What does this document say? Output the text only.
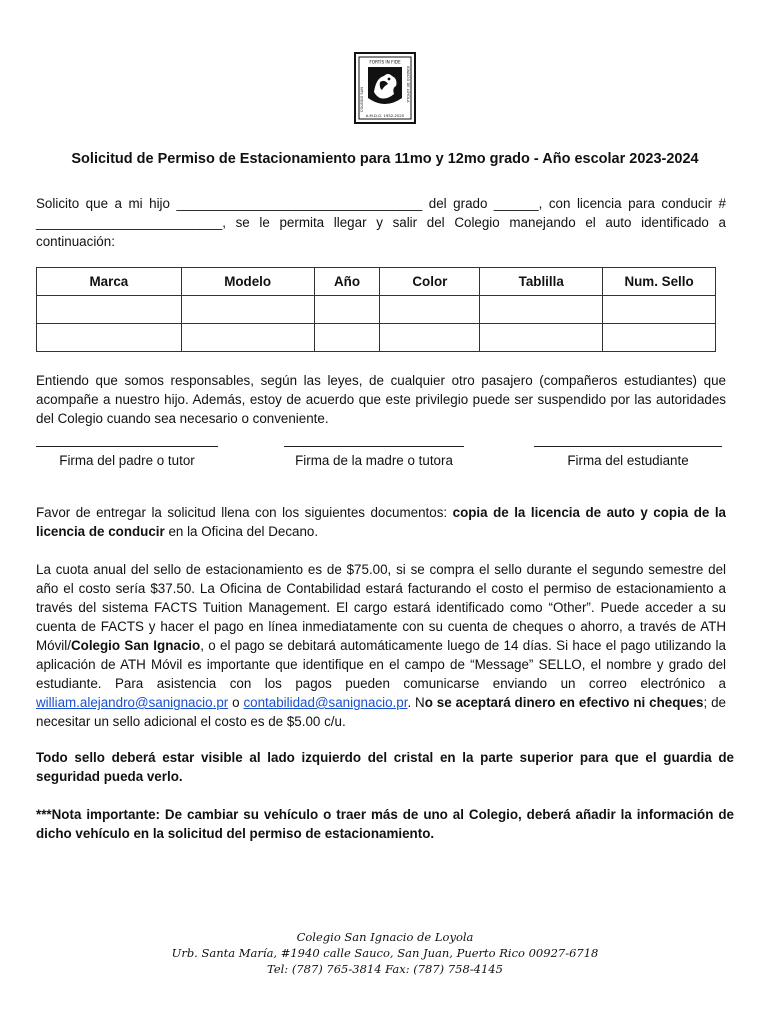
FORTIS IN FIDE
A.M.D.G. 1952-2025
COLEGIO SAN	IGNACIO DE LOYOLA
Solicitud de Permiso de Estacionamiento para 11mo y 12mo grado - Año escolar 2023-2024
Solicito que a mi hijo _________________________________ del grado ______, con licencia para conducir # _________________________, se le permita llegar y salir del Colegio manejando el auto identificado a continuación:
Marca	Modelo	Año	Color	Tablilla	Num. Sello

Entiendo que somos responsables, según las leyes, de cualquier otro pasajero (compañeros estudiantes) que acompañe a nuestro hijo. Además, estoy de acuerdo que este privilegio puede ser suspendido por las autoridades del Colegio cuando sea necesario o conveniente.
Firma del padre o tutor	Firma de la madre o tutora	Firma del estudiante
Favor de entregar la solicitud llena con los siguientes documentos: copia de la licencia de auto y copia de la licencia de conducir en la Oficina del Decano.
La cuota anual del sello de estacionamiento es de $75.00, si se compra el sello durante el segundo semestre del año el costo sería $37.50. La Oficina de Contabilidad estará facturando el costo el permiso de estacionamiento a través del sistema FACTS Tuition Management. El cargo estará identificado como “Other”. Puede acceder a su cuenta de FACTS y hacer el pago en línea inmediatamente con su cuenta de cheques o ahorro, a través de ATH Móvil/Colegio San Ignacio, o el pago se debitará automáticamente luego de 14 días. Si hace el pago utilizando la aplicación de ATH Móvil es importante que identifique en el campo de “Message” SELLO, el nombre y grado del estudiante. Para asistencia con los pagos pueden comunicarse enviando un correo electrónico a william.alejandro@sanignacio.pr o contabilidad@sanignacio.pr. No se aceptará dinero en efectivo ni cheques; de necesitar un sello adicional el costo es de $5.00 c/u.
Todo sello deberá estar visible al lado izquierdo del cristal en la parte superior para que el guardia de seguridad pueda verlo.
***Nota importante: De cambiar su vehículo o traer más de uno al Colegio, deberá añadir la información de dicho vehículo en la solicitud del permiso de estacionamiento.
Colegio San Ignacio de Loyola
Urb. Santa María, #1940 calle Sauco, San Juan, Puerto Rico 00927-6718
Tel: (787) 765-3814 Fax: (787) 758-4145
